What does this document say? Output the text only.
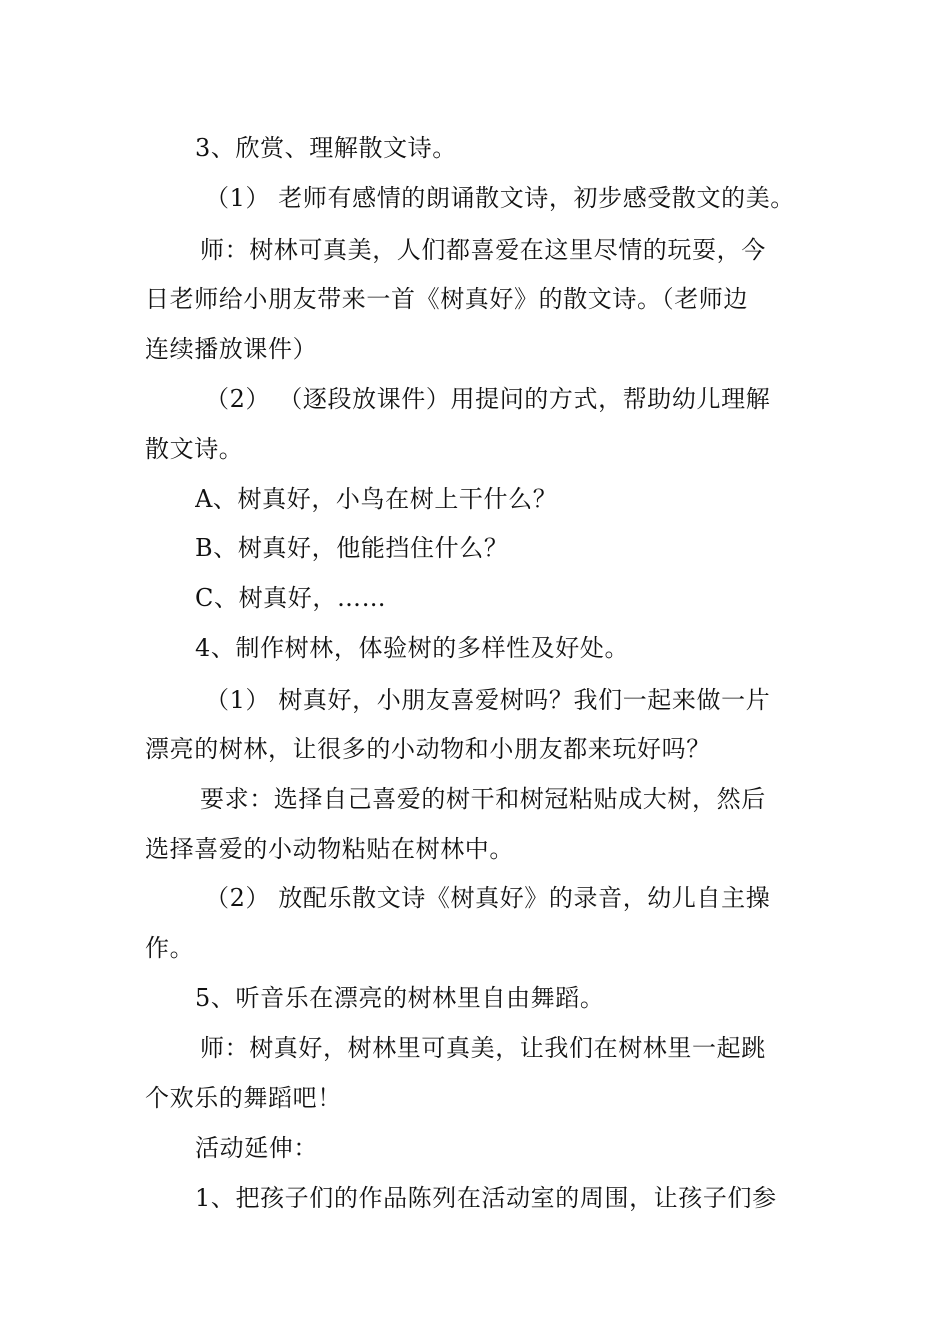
3、欣赏、理解散文诗。
（1） 老师有感情的朗诵散文诗，初步感受散文的美。
师：树林可真美，人们都喜爱在这里尽情的玩耍，今
日老师给小朋友带来一首《树真好》的散文诗。（老师边
连续播放课件）
（2） （逐段放课件）用提问的方式，帮助幼儿理解
散文诗。
A、树真好，小鸟在树上干什么？
B、树真好，他能挡住什么？
C、树真好，……
4、制作树林，体验树的多样性及好处。
（1） 树真好，小朋友喜爱树吗？我们一起来做一片
漂亮的树林，让很多的小动物和小朋友都来玩好吗？
要求：选择自己喜爱的树干和树冠粘贴成大树，然后
选择喜爱的小动物粘贴在树林中。
（2） 放配乐散文诗《树真好》的录音，幼儿自主操
作。
5、听音乐在漂亮的树林里自由舞蹈。
师：树真好，树林里可真美，让我们在树林里一起跳
个欢乐的舞蹈吧！
活动延伸：
1、把孩子们的作品陈列在活动室的周围，让孩子们参
